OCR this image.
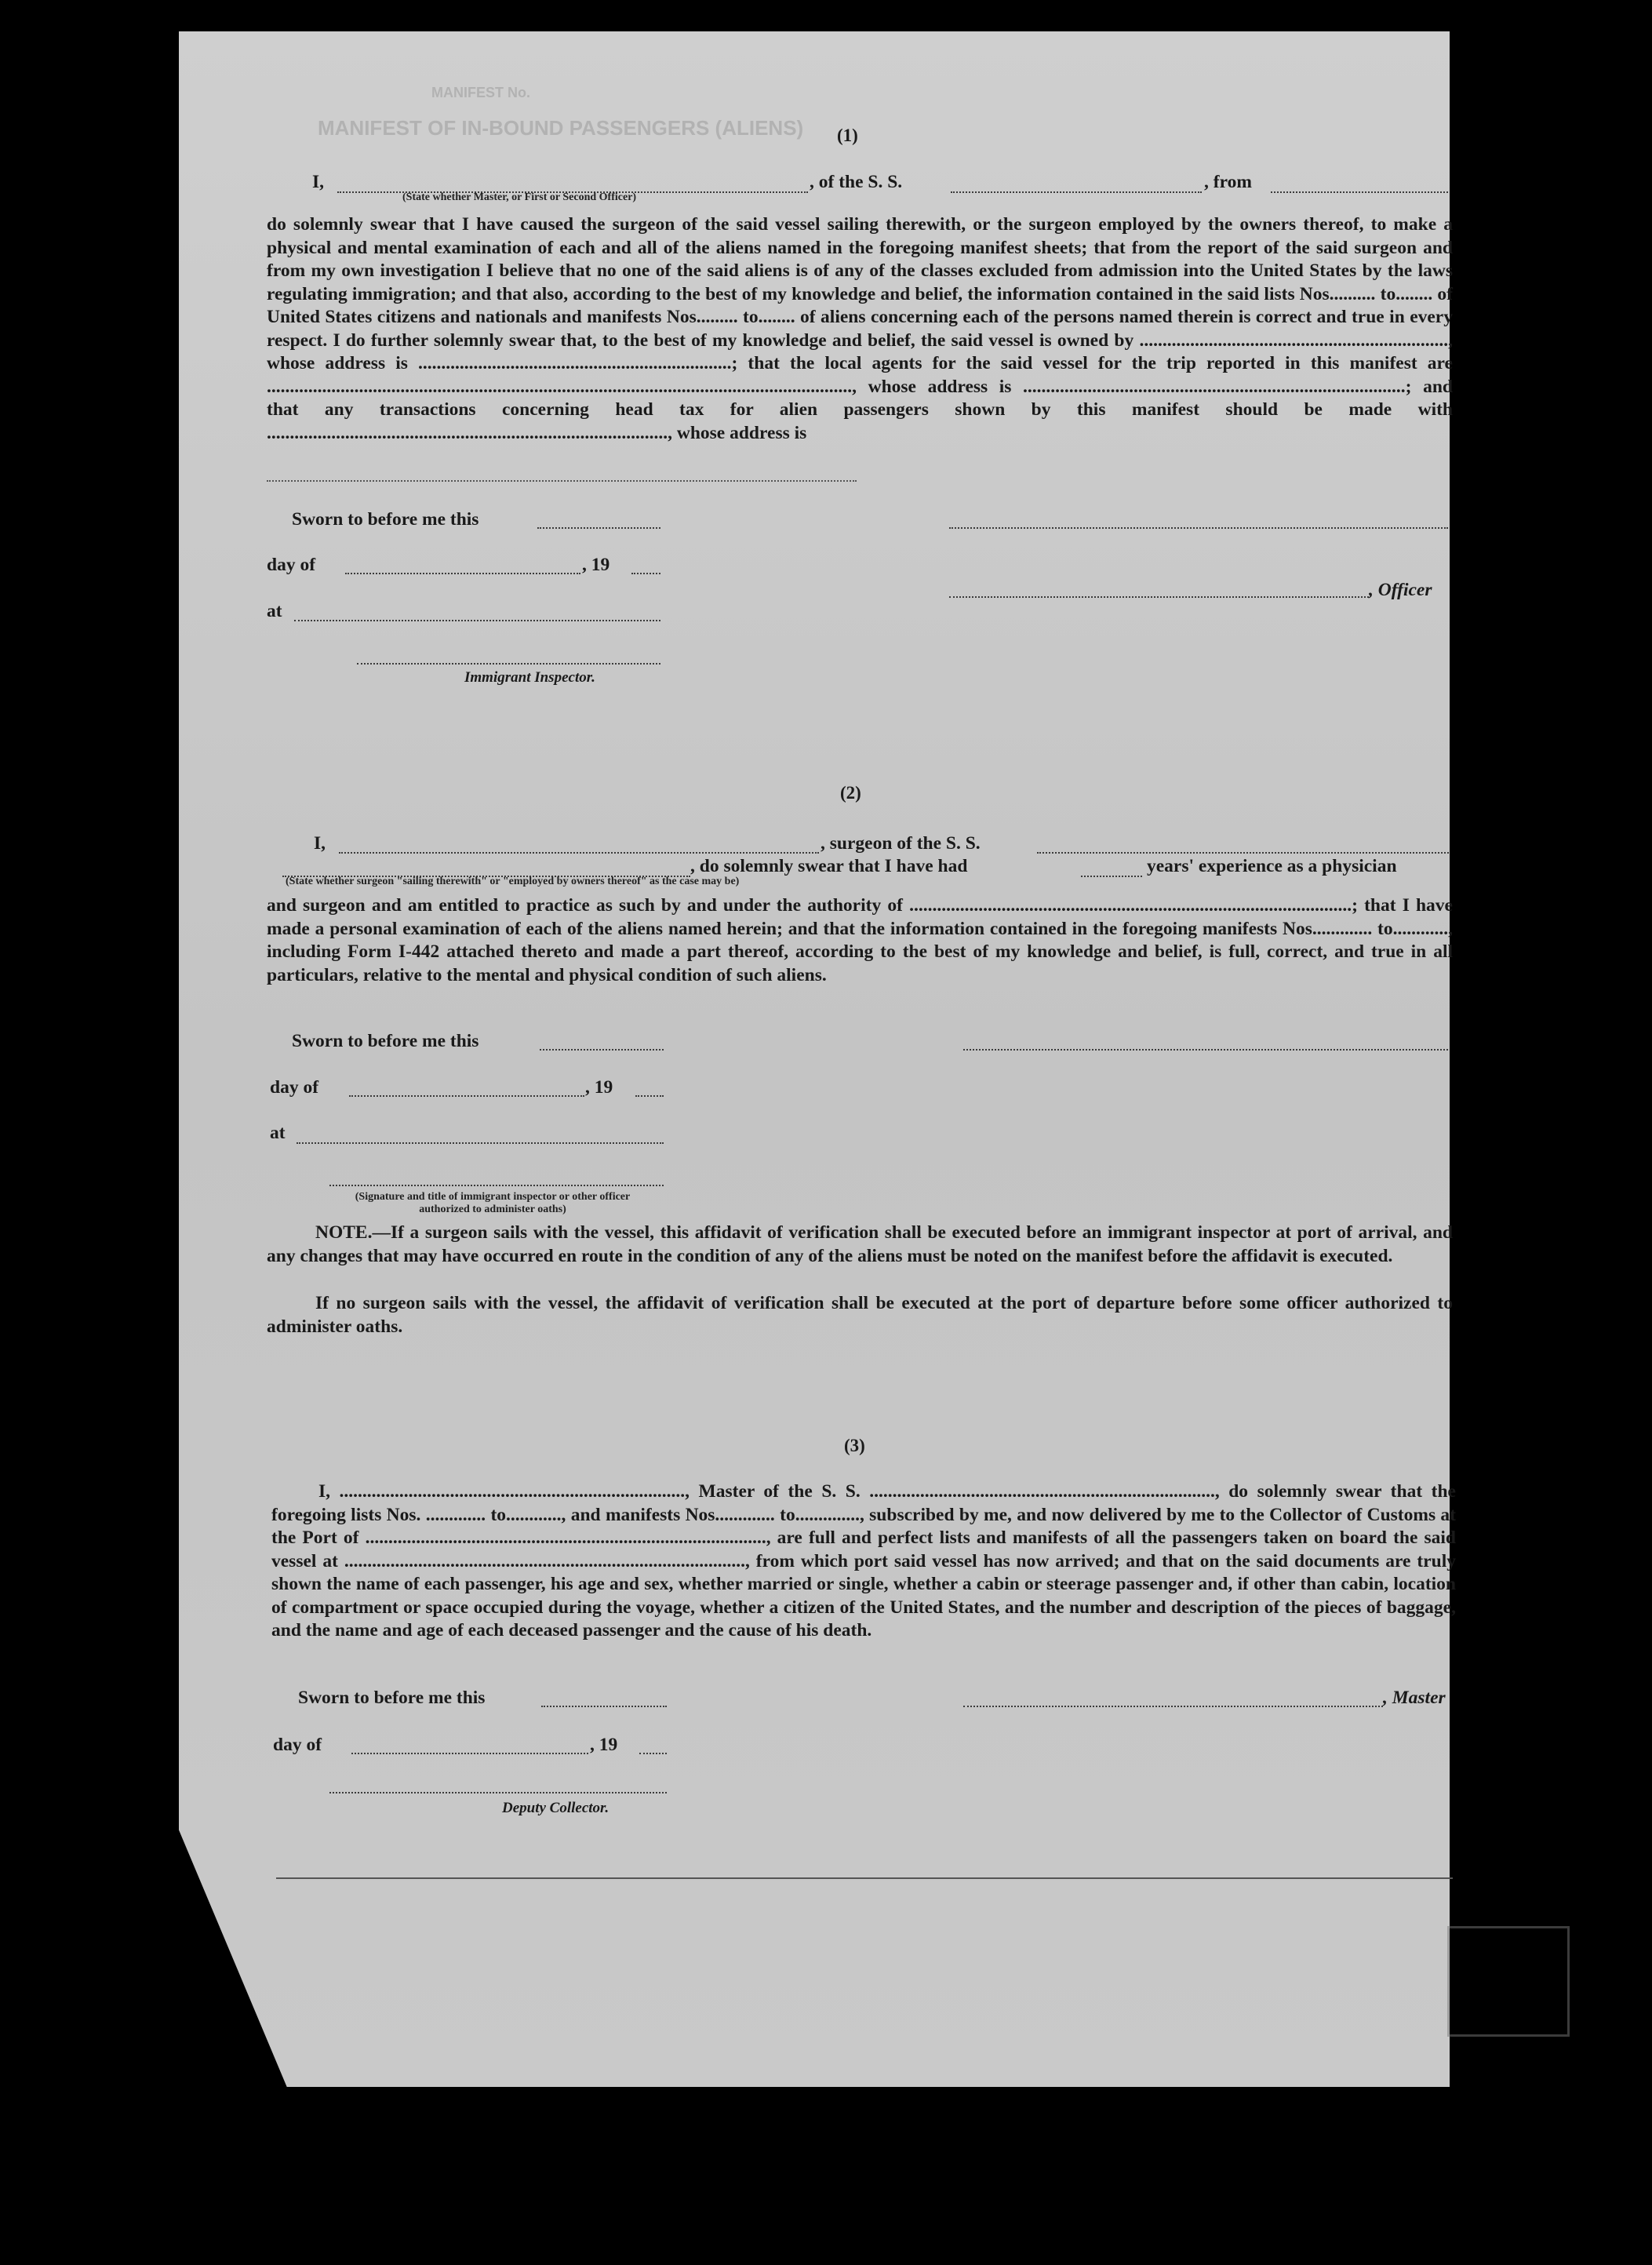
MANIFEST No.
MANIFEST OF IN-BOUND PASSENGERS (ALIENS) (1)
I,	, of the S. S.	, from
(State whether Master, or First or Second Officer)

do solemnly swear that I have caused the surgeon of the said vessel sailing therewith, or the surgeon employed by the owners thereof, to make a physical and mental examination of each and all of the aliens named in the foregoing manifest sheets; that from the report of the said surgeon and from my own investigation I believe that no one of the said aliens is of any of the classes excluded from admission into the United States by the laws regulating immigration; and that also, according to the best of my knowledge and belief, the information contained in the said lists Nos.......... to........ of United States citizens and nationals and manifests Nos......... to........ of aliens concerning each of the persons named therein is correct and true in every respect. I do further solemnly swear that, to the best of my knowledge and belief, the said vessel is owned by ..................................................................., whose address is ....................................................................; that the local agents for the said vessel for the trip reported in this manifest are ..............................................................................................................................., whose address is ...................................................................................; and that any transactions concerning head tax for alien passengers shown by this manifest should be made with ......................................................................................., whose address is

Sworn to before me this
day of	, 19
, Officer
at
Immigrant Inspector.
(2)
I,	, surgeon of the S. S.
, do solemnly swear that I have had	years' experience as a physician
(State whether surgeon "sailing therewith" or "employed by owners thereof" as the case may be)

and surgeon and am entitled to practice as such by and under the authority of ................................................................................................; that I have made a personal examination of each of the aliens named herein; and that the information contained in the foregoing manifests Nos............. to............, including Form I-442 attached thereto and made a part thereof, according to the best of my knowledge and belief, is full, correct, and true in all particulars, relative to the mental and physical condition of such aliens.

Sworn to before me this
day of	, 19
at
(Signature and title of immigrant inspector or other officer authorized to administer oaths)

NOTE.—If a surgeon sails with the vessel, this affidavit of verification shall be executed before an immigrant inspector at port of arrival, and any changes that may have occurred en route in the condition of any of the aliens must be noted on the manifest before the affidavit is executed.

If no surgeon sails with the vessel, the affidavit of verification shall be executed at the port of departure before some officer authorized to administer oaths.

(3)

I, ..........................................................................., Master of the S. S. ..........................................................................., do solemnly swear that the foregoing lists Nos. ............. to............, and manifests Nos............. to.............., subscribed by me, and now delivered by me to the Collector of Customs at the Port of ......................................................................................., are full and perfect lists and manifests of all the passengers taken on board the said vessel at ......................................................................................., from which port said vessel has now arrived; and that on the said documents are truly shown the name of each passenger, his age and sex, whether married or single, whether a cabin or steerage passenger and, if other than cabin, location of compartment or space occupied during the voyage, whether a citizen of the United States, and the number and description of the pieces of baggage, and the name and age of each deceased passenger and the cause of his death.

Sworn to before me this	, Master
day of	, 19
Deputy Collector.
